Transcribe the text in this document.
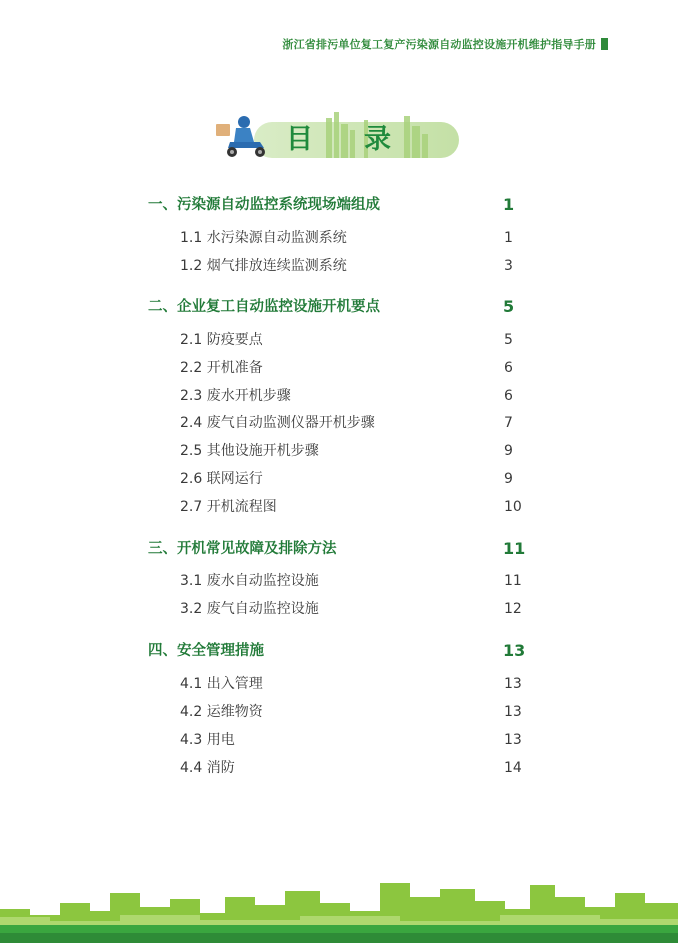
浙江省排污单位复工复产污染源自动监控设施开机维护指导手册
目 录
一、污染源自动监控系统现场端组成	1
1.1 水污染源自动监测系统	1
1.2 烟气排放连续监测系统	3
二、企业复工自动监控设施开机要点	5
2.1 防疫要点	5
2.2 开机准备	6
2.3 废水开机步骤	6
2.4 废气自动监测仪器开机步骤	7
2.5 其他设施开机步骤	9
2.6 联网运行	9
2.7 开机流程图	10
三、开机常见故障及排除方法	11
3.1 废水自动监控设施	11
3.2 废气自动监控设施	12
四、安全管理措施	13
4.1 出入管理	13
4.2 运维物资	13
4.3 用电	13
4.4 消防	14
